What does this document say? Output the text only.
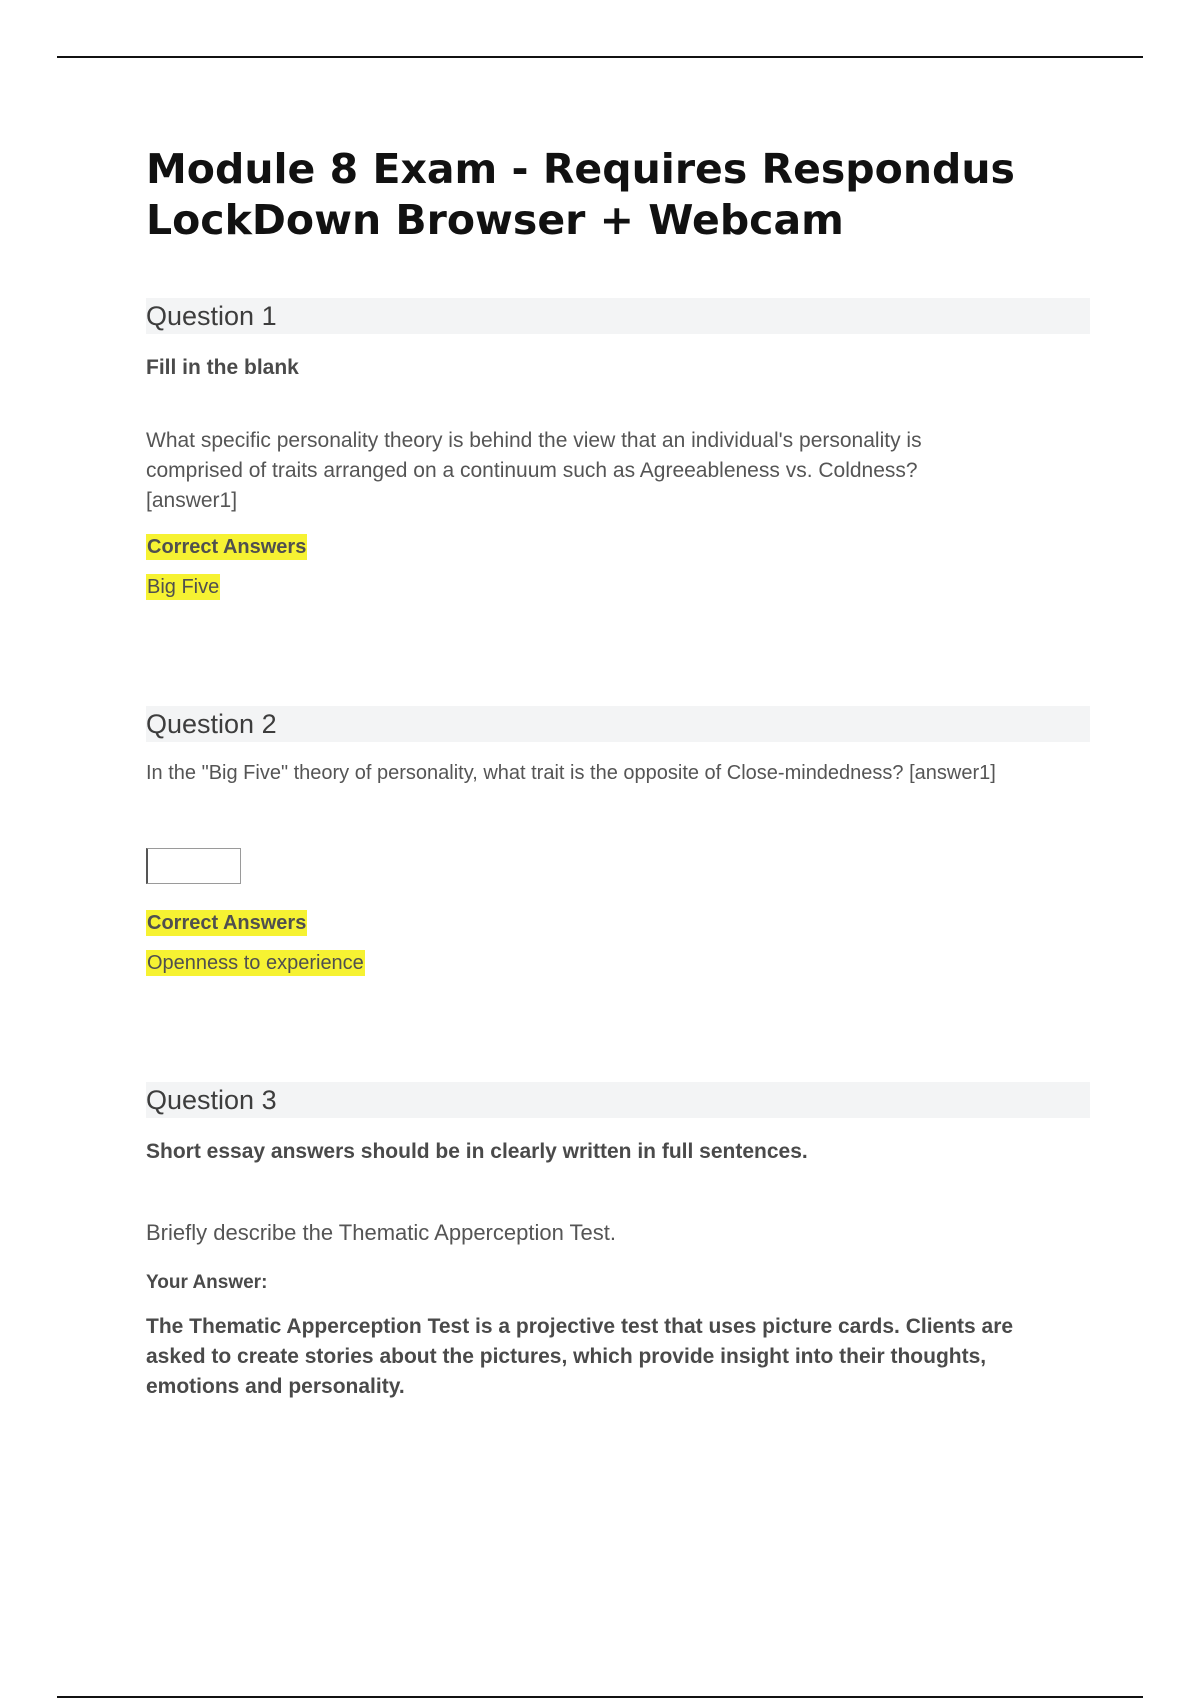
Module 8 Exam - Requires Respondus
LockDown Browser + Webcam
Question 1
Fill in the blank
What specific personality theory is behind the view that an individual's personality is
comprised of traits arranged on a continuum such as Agreeableness vs. Coldness?
[answer1]
Correct Answers
Big Five
Question 2
In the "Big Five" theory of personality, what trait is the opposite of Close-mindedness? [answer1]
Correct Answers
Openness to experience
Question 3
Short essay answers should be in clearly written in full sentences.
Briefly describe the Thematic Apperception Test.
Your Answer:
The Thematic Apperception Test is a projective test that uses picture cards. Clients are
asked to create stories about the pictures, which provide insight into their thoughts,
emotions and personality.
